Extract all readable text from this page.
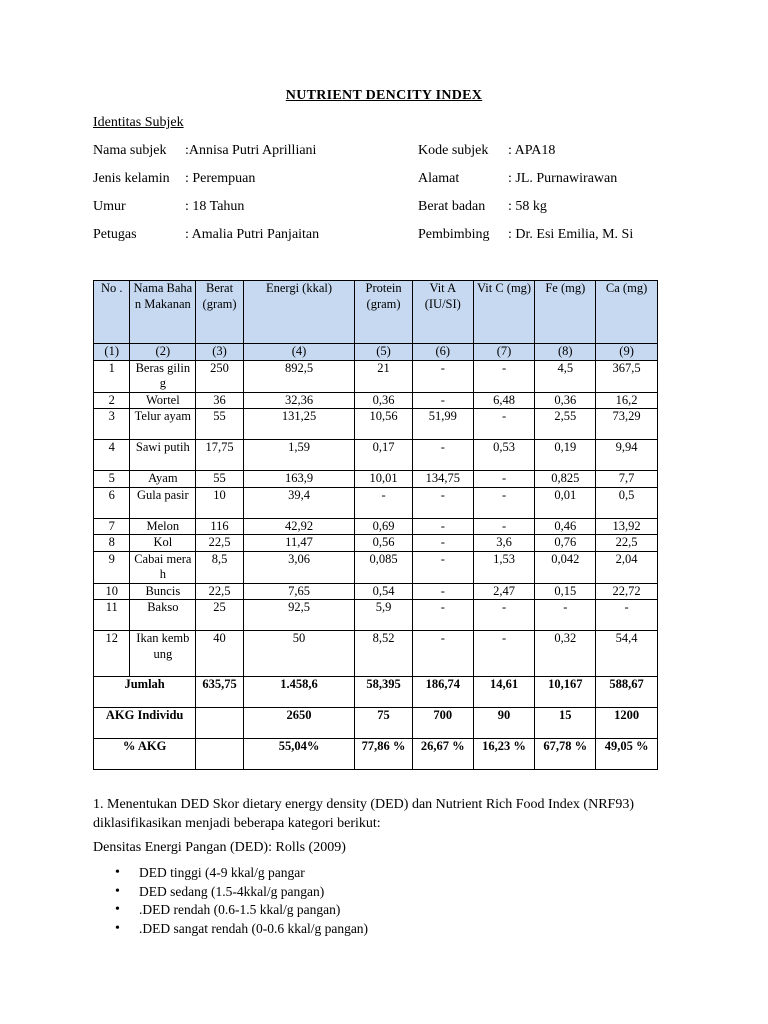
NUTRIENT DENCITY INDEX
Identitas Subjek
Nama subjek :Annisa Putri Aprilliani	Kode subjek : APA18
Jenis kelamin : Perempuan	Alamat	: JL. Purnawirawan
Umur	: 18 Tahun	Berat badan : 58 kg
Petugas	: Amalia Putri Panjaitan	Pembimbing : Dr. Esi Emilia, M. Si
No .	Nama Bahan Makanan	Berat (gram)	Energi (kkal)	Protein (gram)	Vit A (IU/SI)	Vit C (mg)	Fe (mg)	Ca (mg)
(1)	(2)	(3)	(4)	(5)	(6)	(7)	(8)	(9)
1	Beras giling	250	892,5	21	-	-	4,5	367,5
2	Wortel	36	32,36	0,36	-	6,48	0,36	16,2
3	Telur ayam	55	131,25	10,56	51,99	-	2,55	73,29
4	Sawi putih	17,75	1,59	0,17	-	0,53	0,19	9,94
5	Ayam	55	163,9	10,01	134,75	-	0,825	7,7
6	Gula pasir	10	39,4	-	-	-	0,01	0,5
7	Melon	116	42,92	0,69	-	-	0,46	13,92
8	Kol	22,5	11,47	0,56	-	3,6	0,76	22,5
9	Cabai merah	8,5	3,06	0,085	-	1,53	0,042	2,04
10	Buncis	22,5	7,65	0,54	-	2,47	0,15	22,72
11	Bakso	25	92,5	5,9	-	-	-	-
12	Ikan kembung	40	50	8,52	-	-	0,32	54,4
Jumlah		635,75	1.458,6	58,395	186,74	14,61	10,167	588,67
AKG Individu			2650	75	700	90	15	1200
% AKG			55,04%	77,86 %	26,67 %	16,23 %	67,78 %	49,05 %
1. Menentukan DED Skor dietary energy density (DED) dan Nutrient Rich Food Index (NRF93) diklasifikasikan menjadi beberapa kategori berikut:
Densitas Energi Pangan (DED): Rolls (2009)
• DED tinggi (4-9 kkal/g pangar
• DED sedang (1.5-4kkal/g pangan)
• .DED rendah (0.6-1.5 kkal/g pangan)
• .DED sangat rendah (0-0.6 kkal/g pangan)
